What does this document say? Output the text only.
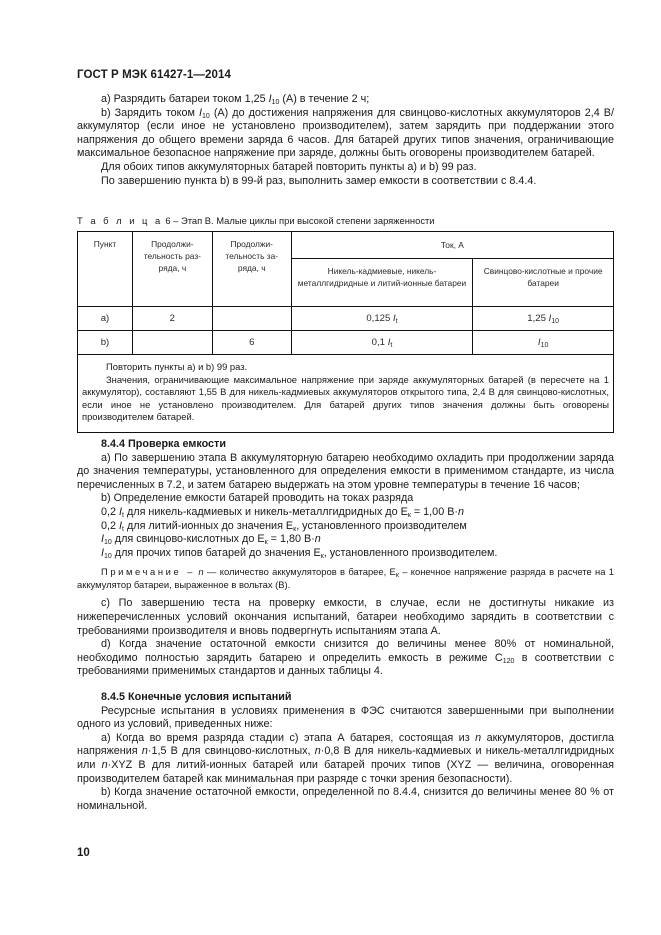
ГОСТ Р МЭК 61427-1—2014

а) Разрядить батареи током 1,25 $I_{10}$ (А) в течение 2 ч;

b) Зарядить током $I_{10}$ (А) до достижения напряжения для свинцово-кислотных аккумуляторов 2,4 В/аккумулятор (если иное не установлено производителем), затем зарядить при поддержании этого напряжения до общего времени заряда 6 часов. Для батарей других типов значения, ограничивающие максимальное безопасное напряжение при заряде, должны быть оговорены производителем батарей.

Для обоих типов аккумуляторных батарей повторить пункты а) и b) 99 раз.

По завершению пункта b) в 99-й раз, выполнить замер емкости в соответствии с 8.4.4.

Т а б л и ц а 6 – Этап В. Малые циклы при высокой степени заряженности
Пункт	Продолжи-тельность раз-ряда, ч	Продолжи-тельность за-ряда, ч	Ток, А	
			Никель-кадмиевые, никель-металлгидридные и литий-ионные батареи	Свинцово-кислотные и прочие батареи
а)	2		0,125 $I_t$	1,25 $I_{10}$
b)		6	0,1 $I_t$	$I_{10}$

Повторить пункты а) и b) 99 раз.
Значения, ограничивающие максимальное напряжение при заряде аккумуляторных батарей (в пересчете на 1 аккумулятор), составляют 1,55 В для никель-кадмиевых аккумуляторов открытого типа, 2,4 В для свинцово-кислотных, если иное не установлено производителем. Для батарей других типов значения должны быть оговорены производителем батарей.				

8.4.4 Проверка емкости

а) По завершению этапа В аккумуляторную батарею необходимо охладить при продолжении заряда до значения температуры, установленного для определения емкости в применимом стандарте, из числа перечисленных в 7.2, и затем батарею выдержать на этом уровне температуры в течение 16 часов;

b) Определение емкости батарей проводить на токах разряда

0,2 $I_t$ для никель-кадмиевых и никель-металлгидридных до $E_к = 1,00$ В·n

0,2 $I_t$ для литий-ионных до значения $E_к$, установленного производителем

$I_{10}$ для свинцово-кислотных до $E_к = 1,80$ В·n

$I_{10}$ для прочих типов батарей до значения $E_к$, установленного производителем.

Примечание – n — количество аккумуляторов в батарее, $E_к$ – конечное напряжение разряда в расчете на 1 аккумулятор батареи, выраженное в вольтах (В).

с) По завершению теста на проверку емкости, в случае, если не достигнуты никакие из нижеперечисленных условий окончания испытаний, батареи необходимо зарядить в соответствии с требованиями производителя и вновь подвергнуть испытаниям этапа А.

d) Когда значение остаточной емкости снизится до величины менее 80% от номинальной, необходимо полностью зарядить батарею и определить емкость в режиме $C_{120}$ в соответствии с требованиями применимых стандартов и данных таблицы 4.

8.4.5 Конечные условия испытаний

Ресурсные испытания в условиях применения в ФЭС считаются завершенными при выполнении одного из условий, приведенных ниже:

а) Когда во время разряда стадии с) этапа А батарея, состоящая из n аккумуляторов, достигла напряжения n·1,5 В для свинцово-кислотных, n·0,8 В для никель-кадмиевых и никель-металлгидридных или n·XYZ В для литий-ионных батарей или батарей прочих типов (XYZ — величина, оговоренная производителем батарей как минимальная при разряде с точки зрения безопасности).

b) Когда значение остаточной емкости, определенной по 8.4.4, снизится до величины менее 80 % от номинальной.

10
